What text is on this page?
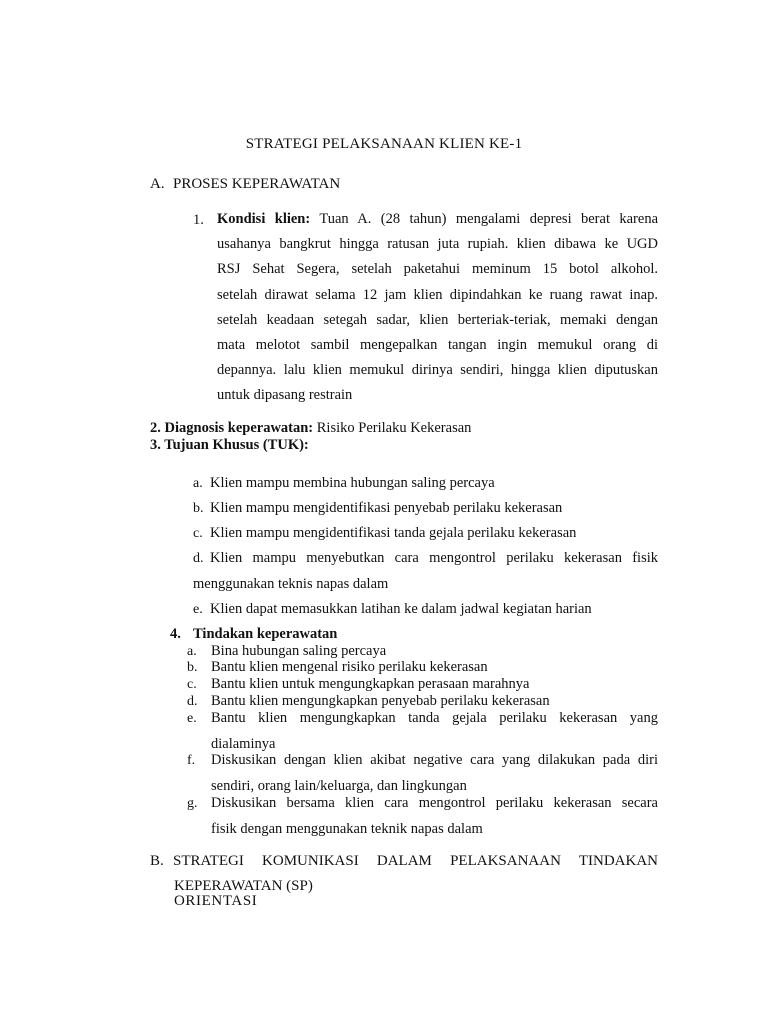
STRATEGI PELAKSANAAN KLIEN KE-1
A. PROSES KEPERAWATAN
1. Kondisi klien: Tuan A. (28 tahun) mengalami depresi berat karena
usahanya bangkrut hingga ratusan juta rupiah. klien dibawa ke UGD
RSJ Sehat Segera, setelah paketahui meminum 15 botol alkohol.
setelah dirawat selama 12 jam klien dipindahkan ke ruang rawat inap.
setelah keadaan setegah sadar, klien berteriak-teriak, memaki dengan
mata melotot sambil mengepalkan tangan ingin memukul orang di
depannya. lalu klien memukul dirinya sendiri, hingga klien diputuskan
untuk dipasang restrain
2. Diagnosis keperawatan: Risiko Perilaku Kekerasan
3. Tujuan Khusus (TUK):
a. Klien mampu membina hubungan saling percaya
b. Klien mampu mengidentifikasi penyebab perilaku kekerasan
c. Klien mampu mengidentifikasi tanda gejala perilaku kekerasan
d. Klien mampu menyebutkan cara mengontrol perilaku kekerasan fisik
menggunakan teknis napas dalam
e. Klien dapat memasukkan latihan ke dalam jadwal kegiatan harian
4. Tindakan keperawatan
a. Bina hubungan saling percaya
b. Bantu klien mengenal risiko perilaku kekerasan
c. Bantu klien untuk mengungkapkan perasaan marahnya
d. Bantu klien mengungkapkan penyebab perilaku kekerasan
e. Bantu klien mengungkapkan tanda gejala perilaku kekerasan yang
dialaminya
f. Diskusikan dengan klien akibat negative cara yang dilakukan pada diri
sendiri, orang lain/keluarga, dan lingkungan
g. Diskusikan bersama klien cara mengontrol perilaku kekerasan secara
fisik dengan menggunakan teknik napas dalam
B. STRATEGI KOMUNIKASI DALAM PELAKSANAAN TINDAKAN
KEPERAWATAN (SP)
ORIENTASI
